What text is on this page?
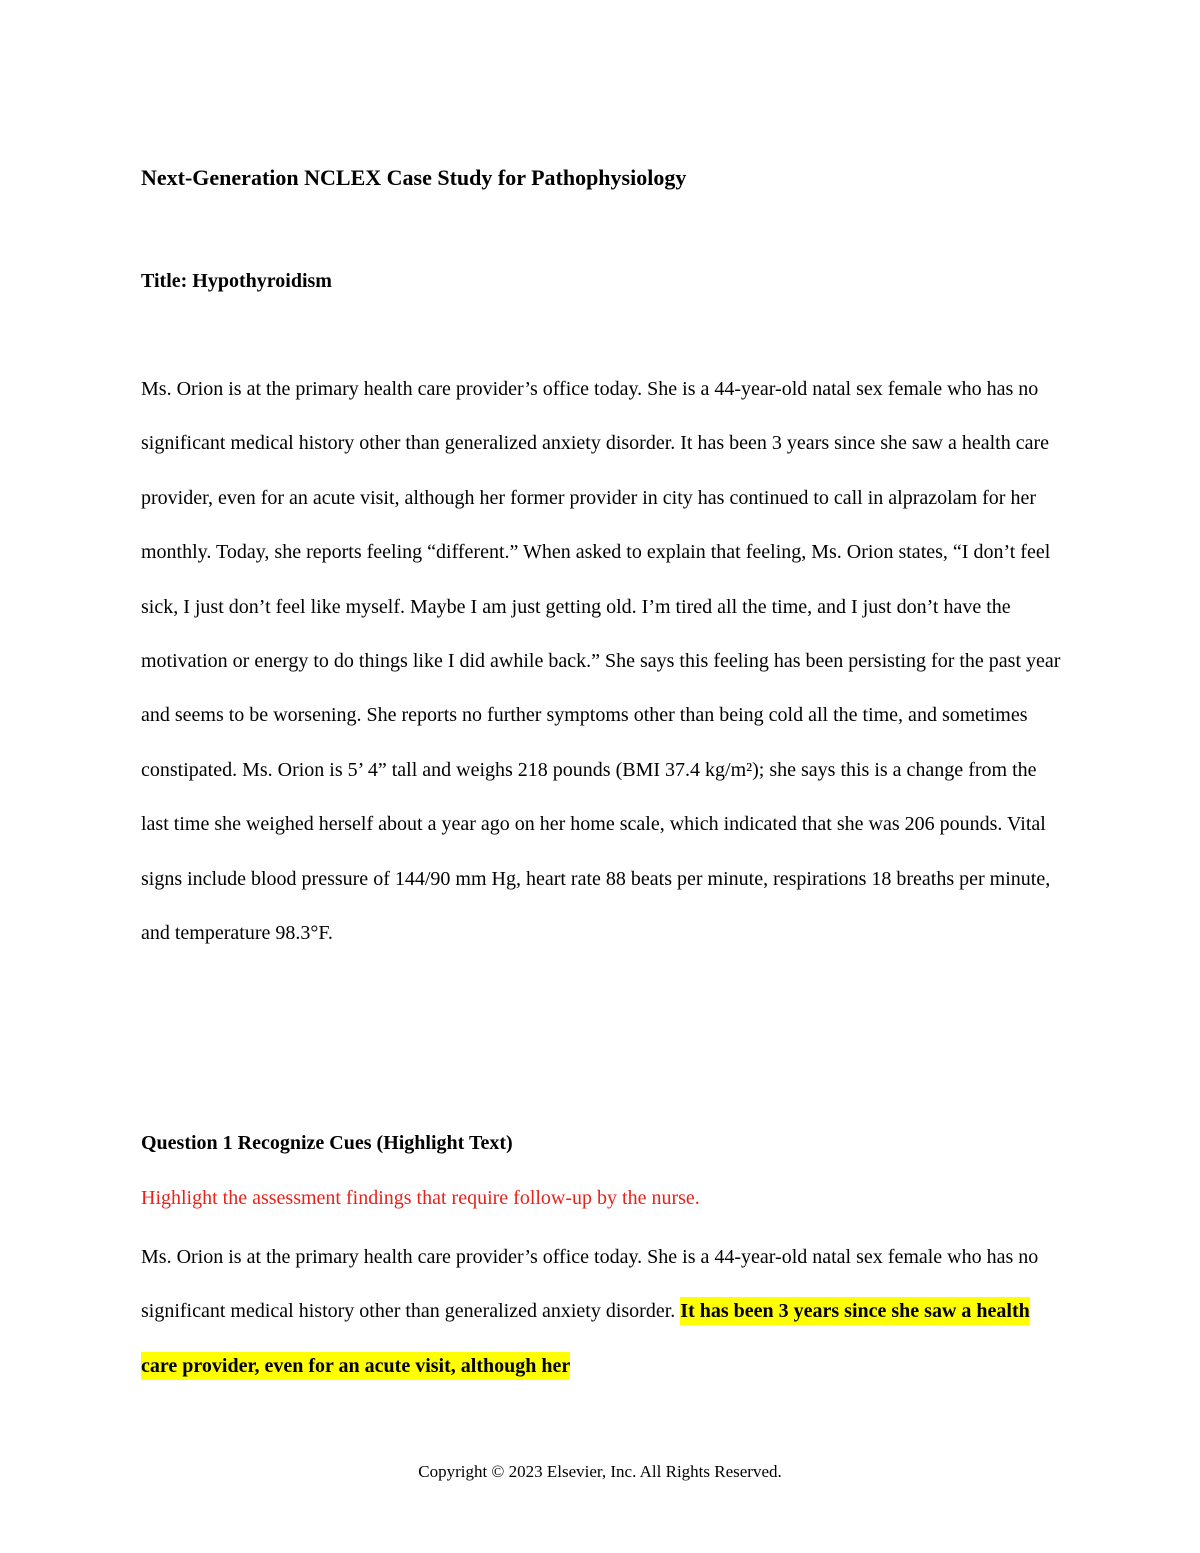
Next-Generation NCLEX Case Study for Pathophysiology
Title: Hypothyroidism

Ms. Orion is at the primary health care provider’s office today. She is a 44-year-old natal sex female who has no significant medical history other than generalized anxiety disorder. It has been 3 years since she saw a health care provider, even for an acute visit, although her former provider in city has continued to call in alprazolam for her monthly. Today, she reports feeling “different.” When asked to explain that feeling, Ms. Orion states, “I don’t feel sick, I just don’t feel like myself. Maybe I am just getting old. I’m tired all the time, and I just don’t have the motivation or energy to do things like I did awhile back.” She says this feeling has been persisting for the past year and seems to be worsening. She reports no further symptoms other than being cold all the time, and sometimes constipated. Ms. Orion is 5’ 4” tall and weighs 218 pounds (BMI 37.4 kg/m²); she says this is a change from the last time she weighed herself about a year ago on her home scale, which indicated that she was 206 pounds. Vital signs include blood pressure of 144/90 mm Hg, heart rate 88 beats per minute, respirations 18 breaths per minute, and temperature 98.3°F.

Question 1 Recognize Cues (Highlight Text)

Highlight the assessment findings that require follow-up by the nurse.

Ms. Orion is at the primary health care provider’s office today. She is a 44-year-old natal sex female who has no significant medical history other than generalized anxiety disorder. It has been 3 years since she saw a health care provider, even for an acute visit, although her

Copyright © 2023 Elsevier, Inc. All Rights Reserved.
